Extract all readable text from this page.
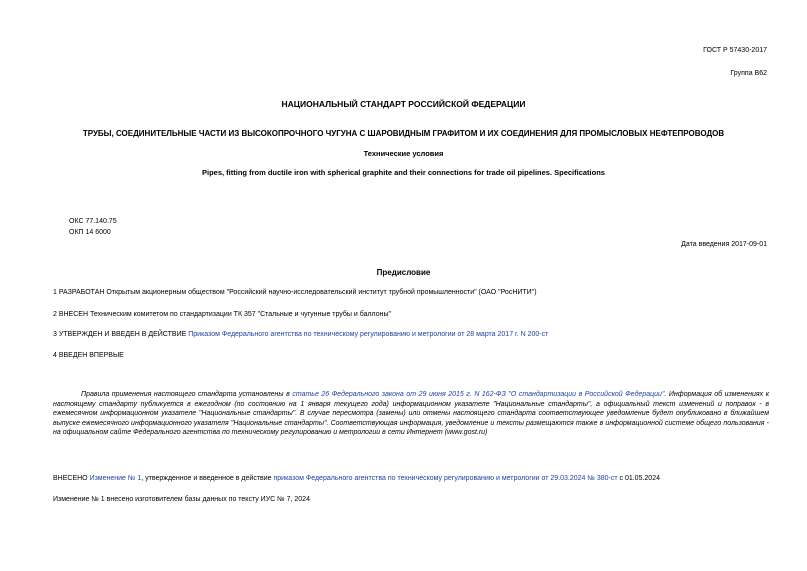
ГОСТ Р 57430-2017
Группа В62
НАЦИОНАЛЬНЫЙ СТАНДАРТ РОССИЙСКОЙ ФЕДЕРАЦИИ
ТРУБЫ, СОЕДИНИТЕЛЬНЫЕ ЧАСТИ ИЗ ВЫСОКОПРОЧНОГО ЧУГУНА С ШАРОВИДНЫМ ГРАФИТОМ И ИХ СОЕДИНЕНИЯ ДЛЯ ПРОМЫСЛОВЫХ НЕФТЕПРОВОДОВ
Технические условия
Pipes, fitting from ductile iron with spherical graphite and their connections for trade oil pipelines. Specifications
ОКС 77.140.75
ОКП 14 6000
Дата введения 2017-09-01
Предисловие
1 РАЗРАБОТАН Открытым акционерным обществом "Российский научно-исследовательский институт трубной промышленности" (ОАО "РосНИТИ")
2 ВНЕСЕН Техническим комитетом по стандартизации ТК 357 "Стальные и чугунные трубы и баллоны"
3 УТВЕРЖДЕН И ВВЕДЕН В ДЕЙСТВИЕ Приказом Федерального агентства по техническому регулированию и метрологии от 28 марта 2017 г. N 200-ст
4 ВВЕДЕН ВПЕРВЫЕ
Правила применения настоящего стандарта установлены в статье 26 Федерального закона от 29 июня 2015 г. N 162-ФЗ "О стандартизации в Российской Федерации". Информация об изменениях к настоящему стандарту публикуется в ежегодном (по состоянию на 1 января текущего года) информационном указателе "Национальные стандарты", а официальный текст изменений и поправок - в ежемесячном информационном указателе "Национальные стандарты". В случае пересмотра (замены) или отмены настоящего стандарта соответствующее уведомление будет опубликовано в ближайшем выпуске ежемесячного информационного указателя "Национальные стандарты". Соответствующая информация, уведомление и тексты размещаются также в информационной системе общего пользования - на официальном сайте Федерального агентства по техническому регулированию и метрологии в сети Интернет (www.gost.ru)
ВНЕСЕНО Изменение № 1, утвержденное и введенное в действие приказом Федерального агентства по техническому регулированию и метрологии от 29.03.2024 № 380-ст с 01.05.2024
Изменение № 1 внесено изготовителем базы данных по тексту ИУС № 7, 2024
